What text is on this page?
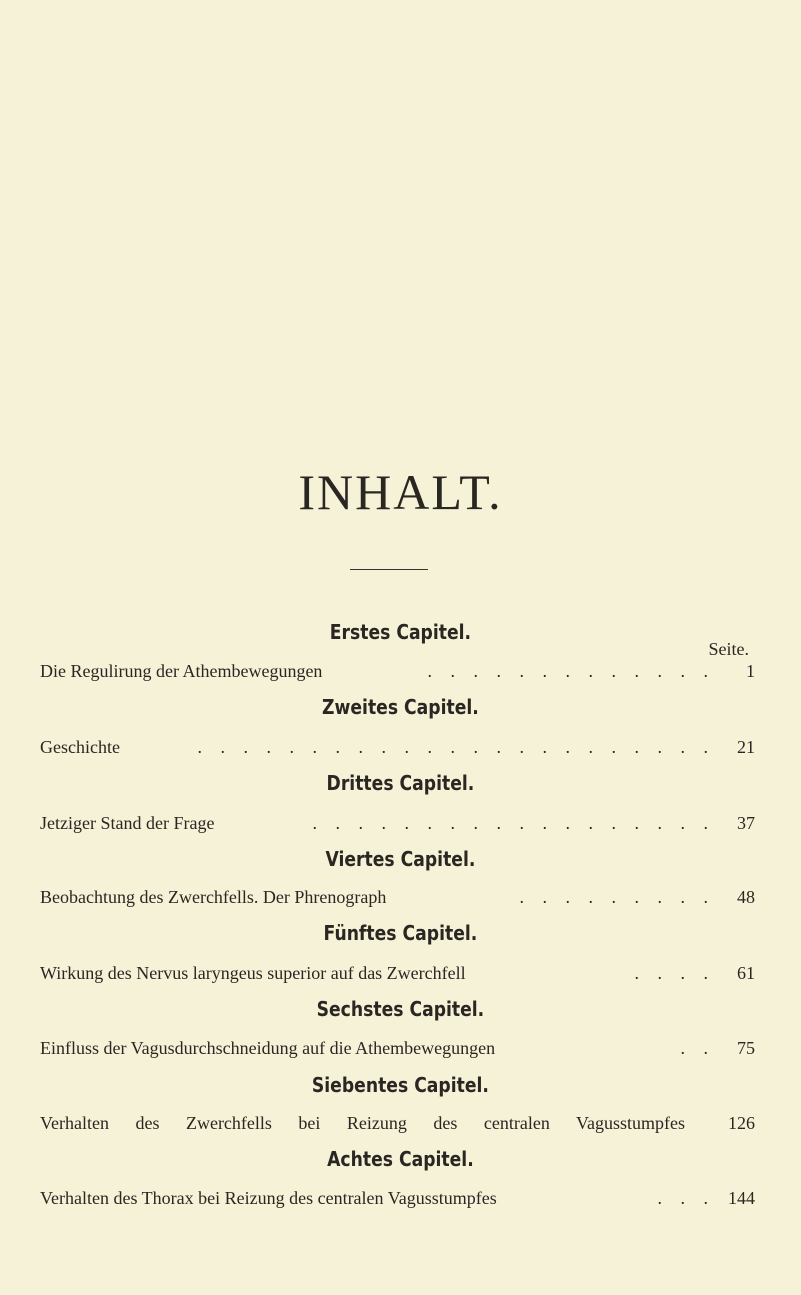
INHALT.
Seite.
Erstes Capitel.
Die Regulirung der Athembewegungen	. . . . . . . . . . . . .	1
Zweites Capitel.
Geschichte	. . . . . . . . . . . . . . . . . . . . . . .	21
Drittes Capitel.
Jetziger Stand der Frage	. . . . . . . . . . . . . . . . . .	37
Viertes Capitel.
Beobachtung des Zwerchfells. Der Phrenograph	. . . . . . . . .	48
Fünftes Capitel.
Wirkung des Nervus laryngeus superior auf das Zwerchfell	. . . .	61
Sechstes Capitel.
Einfluss der Vagusdurchschneidung auf die Athembewegungen	. .	75
Siebentes Capitel.
Verhalten des Zwerchfells bei Reizung des centralen Vagusstumpfes 126
Achtes Capitel.
Verhalten des Thorax bei Reizung des centralen Vagusstumpfes	. . . 144
